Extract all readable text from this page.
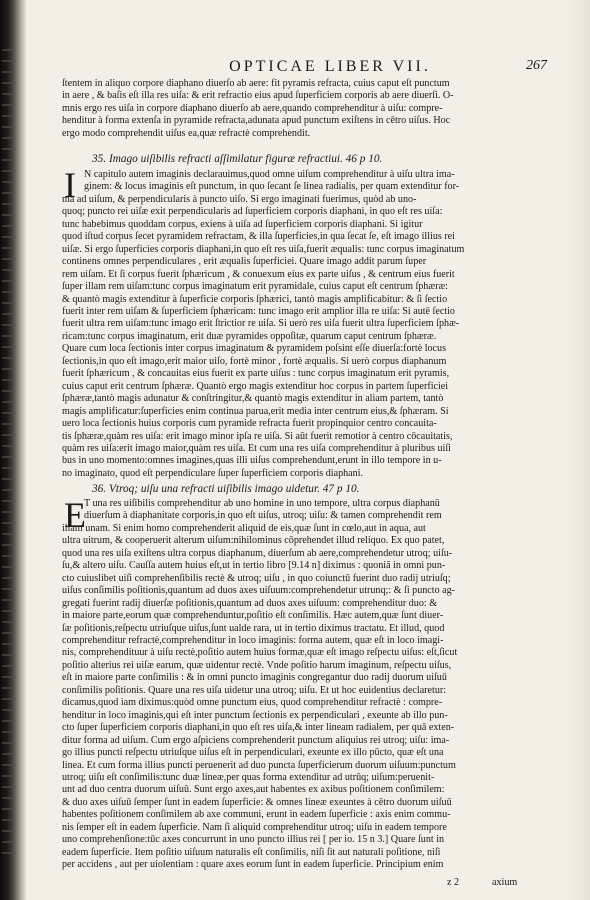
OPTICAE LIBER VII.	267
ſtentem in aliquo corpore diaphano diuerſo ab aere: fit pyramis refracta, cuius caput eſt punctum
in aere , & baſis eſt illa res uiſa: & erit refractio eius apud ſuperficiem corporis ab aere diuerſi. O-
mnis ergo res uiſa in corpore diaphano diuerſo ab aere,quando comprehenditur à uiſu: compre-
henditur à forma extenſa in pyramide refracta,adunata apud punctum exiſtens in cētro uiſus. Hoc
ergo modo comprehendit uiſus ea,quæ refractè comprehendit.
35. Imago uiſibilis refracti aſſimilatur figuræ refractiui. 46 p 10.
I N capitulo autem imaginis declarauimus,quod omne uiſum comprehenditur à uiſu ultra ima-
ginem: & locus imaginis eſt punctum, in quo ſecant ſe linea radialis, per quam extenditur for-
ma ad uiſum, & perpendicularis à puncto uiſo. Si ergo imaginati fuerimus, quòd ab uno-
quoq; puncto rei uiſæ exit perpendicularis ad ſuperficiem corporis diaphani, in quo eſt res uiſa:
tunc habebimus quoddam corpus, exiens à uiſa ad ſuperficiem corporis diaphani. Si igitur
quod iſtud corpus ſecet pyramidem refractam, & illa ſuperficies,in qua ſecat ſe, eſt imago illius rei
uiſæ. Si ergo ſuperficies corporis diaphani,in quo eſt res uiſa,fuerit æqualis: tunc corpus imaginatum
continens omnes perpendiculares , erit æqualis ſuperficiei. Quare imago addit parum ſuper
rem uiſam. Et ſi corpus fuerit ſphæricum , & conuexum eius ex parte uiſus , & centrum eius fuerit
ſuper illam rem uiſam:tunc corpus imaginatum erit pyramidale, cuius caput eſt centrum ſphæræ:
& quantò magis extenditur à ſuperficie corporis ſphærici, tantò magis amplificabitur: & ſi ſectio
fuerit inter rem uiſam & ſuperficiem ſphæricam: tunc imago erit amplior illa re uiſa: Si autē ſectio
fuerit ultra rem uiſam:tunc imago erit ſtrictior re uiſa. Si uerò res uiſa fuerit ultra ſuperficiem ſphæ-
ricam:tunc corpus imaginatum, erit duæ pyramides oppoſitæ, quarum caput centrum ſphæræ.
Quare cum loca ſectionis inter corpus imaginatum & pyramidem poſsint eſſe diuerſa:fortè locus
ſectionis,in quo eſt imago,erit maior uiſo, fortè minor , fortè æqualis. Si uerò corpus diaphanum
fuerit ſphæricum , & concauitas eius fuerit ex parte uiſus : tunc corpus imaginatum erit pyramis,
cuius caput erit centrum ſphæræ. Quantò ergo magis extenditur hoc corpus in partem ſuperficiei
ſphæræ,tantò magis adunatur & conſtringitur,& quantò magis extenditur in aliam partem, tantò
magis amplificatur:ſuperficies enim continua parua,erit media inter centrum eius,& ſphæram. Si
uero loca ſectionis huius corporis cum pyramide refracta fuerit propinquior centro concauita-
tis ſphæræ,quàm res uiſa: erit imago minor ipſa re uiſa. Si aūt fuerit remotior à centro cōcauitatis,
quàm res uiſa:erit imago maior,quàm res uiſa. Et cum una res uiſa comprehenditur à pluribus uiſi
bus in uno momento:omnes imagines,quas illi uiſus comprehendunt,erunt in illo tempore in u-
no imaginato, quod eſt perpendiculare ſuper ſuperficiem corporis diaphani.
36. Vtroq; uiſu una refracti uiſibilis imago uidetur. 47 p 10.
E
T una res uiſibilis comprehenditur ab uno homine in uno tempore, ultra corpus diaphanū
diuerſum à diaphanitate corporis,in quo eſt uiſus, utroq; uiſu: & tamen comprehendit rem
illam unam. Si enim homo comprehenderit aliquid de eis,quæ ſunt in cœlo,aut in aqua, aut
ultra uitrum, & cooperuerit alterum uiſum:nihilominus cōprehendet illud reliquo. Ex quo patet,
quod una res uiſa exiſtens ultra corpus diaphanum, diuerſum ab aere,comprehendetur utroq; uiſu-
ſu,& altero uiſu. Cauſſa autem huius eſt,ut in tertio libro [9.14 n] diximus : quoniā in omni pun-
cto cuiuslibet uiſi comprehenſibilis rectè & utroq; uiſu , in quo coiunctū fuerint duo radij utriuſq;
uiſus conſimilis poſitionis,quantum ad duos axes uiſuum:comprehendetur utrunq;: & ſi puncto ag-
gregati fuerint radij diuerſæ poſitionis,quantum ad duos axes uiſuum: comprehenditur duo: &
in maiore parte,eorum quæ comprehenduntur,poſitio eſt conſimilis. Hæc autem,quæ ſunt diuer-
ſæ poſitionis,reſpectu utriuſque uiſus,ſunt ualde rara, ut in tertio diximus tractatu. Et illud, quod
comprehenditur refractè,comprehenditur in loco imaginis: forma autem, quæ eſt in loco imagi-
nis, comprehendituur à uiſu rectè,poſitio autem huius formæ,quæ eſt imago reſpectu uiſus: eſt,ſicut
poſitio alterius rei uiſæ earum, quæ uidentur rectè. Vnde poſitio harum imaginum, reſpectu uiſus,
eſt in maiore parte conſimilis : & in omni puncto imaginis congregantur duo radij duorum uiſuū
conſimilis poſitionis. Quare una res uiſa uidetur una utroq; uiſu. Et ut hoc euidentius declaretur:
dicamus,quod iam diximus:quòd omne punctum eius, quod comprehenditur refractè : compre-
henditur in loco imaginis,qui eſt inter punctum ſectionis ex perpendiculari , exeunte ab illo pun-
cto ſuper ſuperficiem corporis diaphani,in quo eſt res uiſa,& inter lineam radialem, per quā exten-
ditur forma ad uiſum. Cum ergo aſpiciens comprehenderit punctum aliquius rei utroq; uiſu: ima-
go illius puncti reſpectu utriuſque uiſus eſt in perpendiculari, exeunte ex illo pūcto, quæ eſt una
linea. Et cum forma illius puncti peruenerit ad duo puncta ſuperficierum duorum uiſuum:punctum
utroq; uiſu eſt conſimilis:tunc duæ lineæ,per quas forma extenditur ad utrūq; uiſum:peruenit-
unt ad duo centra duorum uiſuū. Sunt ergo axes,aut habentes ex axibus poſitionem conſimilem:
& duo axes uiſuū ſemper ſunt in eadem ſuperficie: & omnes lineæ exeuntes à cētro duorum uiſuū
habentes poſitionem conſimilem ab axe communi, erunt in eadem ſuperficie : axis enim commu-
nis ſemper eſt in eadem ſuperficie. Nam ſi aliquid comprehenditur utroq; uiſu in eadem tempore
uno comprehenſione:tūc axes concurrunt in uno puncto illius rei [ per io. 15 n 3.] Quare ſunt in
eadem ſuperficie. Item poſitio uiſuum naturalis eſt conſimilis, niſi ſit aut naturali poſitione, niſi
per accidens , aut per uiolentiam : quare axes eorum ſunt in eadem ſuperficie. Principium enim
z 2	axium
